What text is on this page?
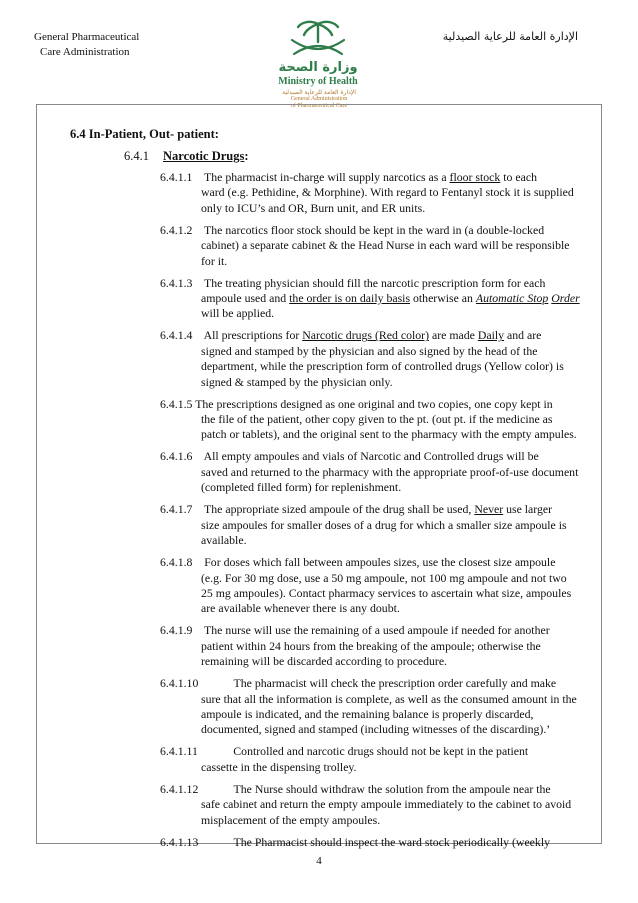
General Pharmaceutical
Care Administration
وزارة الصحة
Ministry of Health
الإدارة العامة للرعاية الصيدلية
General Administration
of Pharmaceutical Care
الإدارة العامة للرعاية الصيدلية
6.4 In-Patient, Out- patient:
6.4.1 Narcotic Drugs:
6.4.1.1 The pharmacist in-charge will supply narcotics as a floor stock to each
ward (e.g. Pethidine, & Morphine). With regard to Fentanyl stock it is supplied only to ICU’s and OR, Burn unit, and ER units.
6.4.1.2 The narcotics floor stock should be kept in the ward in (a double-locked
cabinet) a separate cabinet & the Head Nurse in each ward will be responsible for it.
6.4.1.3 The treating physician should fill the narcotic prescription form for each
ampoule used and the order is on daily basis otherwise an Automatic Stop Order will be applied.
6.4.1.4 All prescriptions for Narcotic drugs (Red color) are made Daily and are
signed and stamped by the physician and also signed by the head of the department, while the prescription form of controlled drugs (Yellow color) is signed & stamped by the physician only.
6.4.1.5 The prescriptions designed as one original and two copies, one copy kept in
the file of the patient, other copy given to the pt. (out pt. if the medicine as patch or tablets), and the original sent to the pharmacy with the empty ampules.
6.4.1.6 All empty ampoules and vials of Narcotic and Controlled drugs will be
saved and returned to the pharmacy with the appropriate proof-of-use document (completed filled form) for replenishment.
6.4.1.7 The appropriate sized ampoule of the drug shall be used, Never use larger
size ampoules for smaller doses of a drug for which a smaller size ampoule is available.
6.4.1.8 For doses which fall between ampoules sizes, use the closest size ampoule
(e.g. For 30 mg dose, use a 50 mg ampoule, not 100 mg ampoule and not two 25 mg ampoules). Contact pharmacy services to ascertain what size, ampoules are available whenever there is any doubt.
6.4.1.9 The nurse will use the remaining of a used ampoule if needed for another
patient within 24 hours from the breaking of the ampoule; otherwise the remaining will be discarded according to procedure.
6.4.1.10	The pharmacist will check the prescription order carefully and make
sure that all the information is complete, as well as the consumed amount in the ampoule is indicated, and the remaining balance is properly discarded, documented, signed and stamped (including witnesses of the discarding).’
6.4.1.11	Controlled and narcotic drugs should not be kept in the patient
cassette in the dispensing trolley.
6.4.1.12	The Nurse should withdraw the solution from the ampoule near the
safe cabinet and return the empty ampoule immediately to the cabinet to avoid misplacement of the empty ampoules.
6.4.1.13	The Pharmacist should inspect the ward stock periodically (weekly
4
